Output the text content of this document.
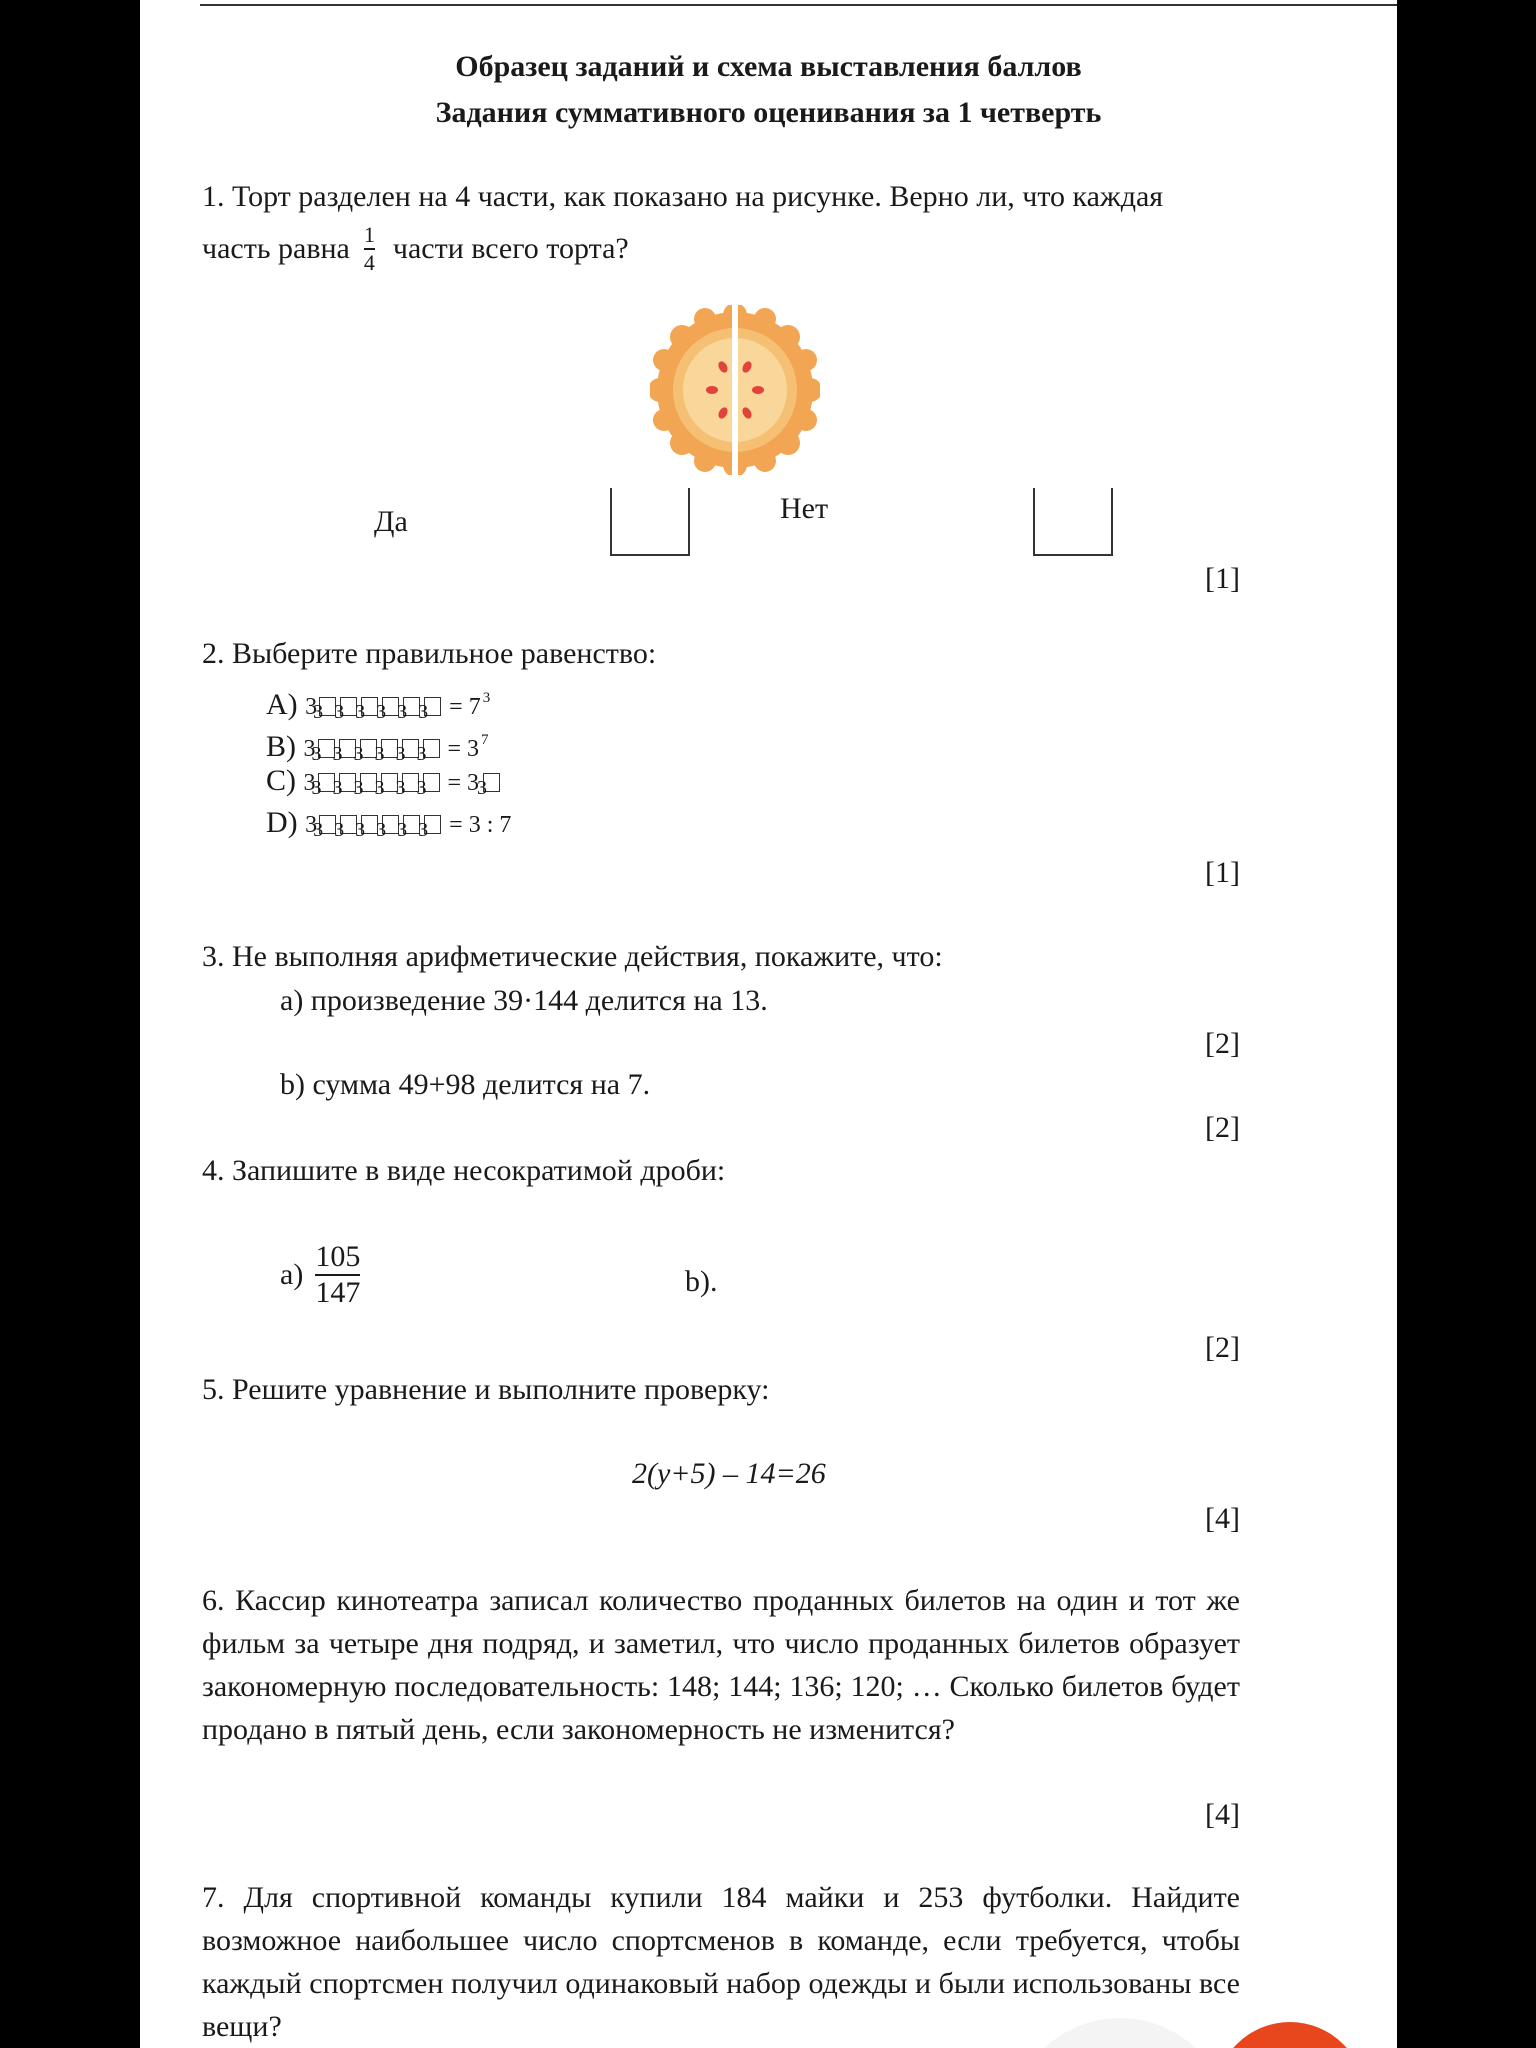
Образец заданий и схема выставления баллов
Задания суммативного оценивания за 1 четверть
1. Торт разделен на 4 части, как показано на рисунке. Верно ли, что каждая
часть равна $\frac{1}{4}$ части всего торта?
Да	Нет
[1]
2. Выберите правильное равенство:
A) 3 3 3 3 3 3 3	= 7 $^3$
B) 3 3 3 3 3 3 3	= 3 $^7$
C) 3 3 3 3 3 3 3	= 33
D) 3 3 3 3 3 3 3	= 3 : 7
[1]
3. Не выполняя арифметические действия, покажите, что:
а) произведение 39·144 делится на 13.
[2]
b) сумма 49+98 делится на 7.
[2]
4. Запишите в виде несократимой дроби:
$а) \frac{105}{147}$	b).
[2]
5. Решите уравнение и выполните проверку:
2(y+5) – 14=26
[4]
6. Кассир кинотеатра записал количество проданных билетов на один и тот же фильм за четыре дня подряд, и заметил, что число проданных билетов образует закономерную последовательность: 148; 144; 136; 120; … Сколько билетов будет продано в пятый день, если закономерность не изменится?
[4]
7. Для спортивной команды купили 184 майки и 253 футболки. Найдите возможное наибольшее число спортсменов в команде, если требуется, чтобы каждый спортсмен получил одинаковый набор одежды и были использованы все вещи?
